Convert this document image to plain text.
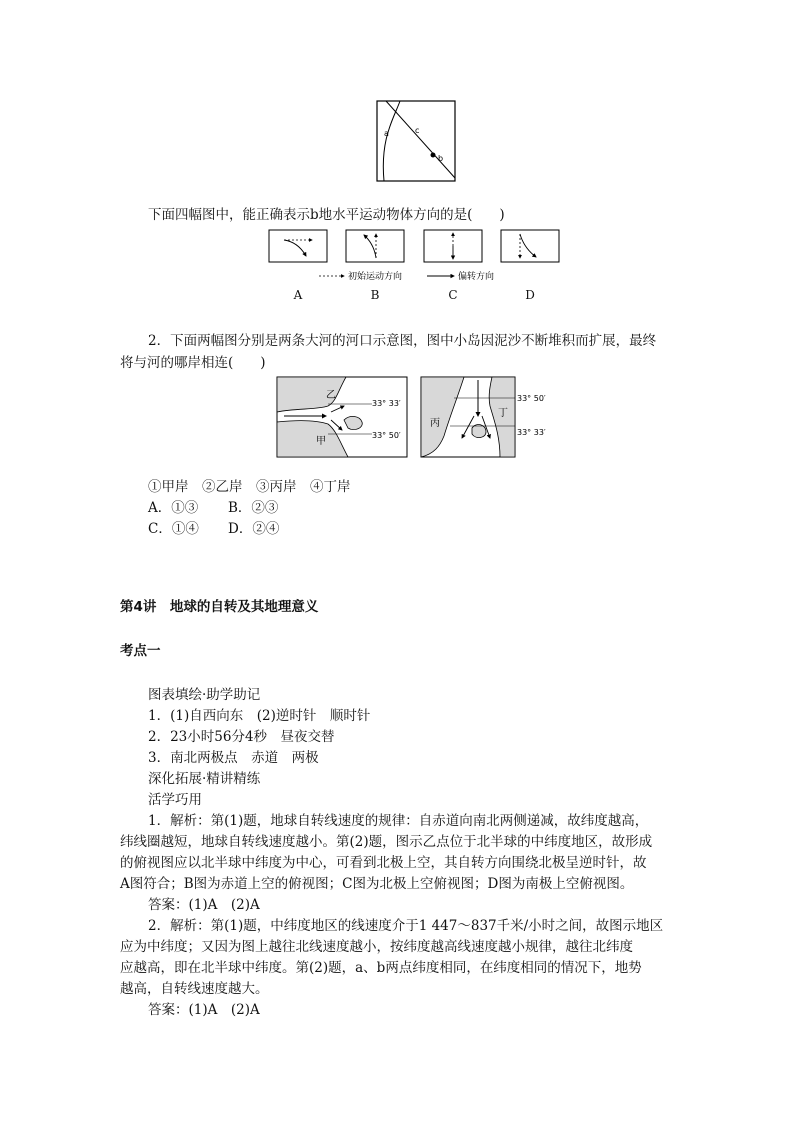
a	c
b
下面四幅图中，能正确表示b地水平运动物体方向的是(　　)
初始运动方向	偏转方向
A	B	C	D
2．下面两幅图分别是两条大河的河口示意图，图中小岛因泥沙不断堆积而扩展，最终
将与河的哪岸相连(　　)
乙
甲
33° 33′
33° 50′
丙
丁
33° 50′
33° 33′
①甲岸　②乙岸　③丙岸　④丁岸
A．①③ B．②③
C．①④ D．②④
第4讲　地球的自转及其地理意义
考点一
图表填绘·助学助记
1．(1)自西向东　(2)逆时针　顺时针
2．23小时56分4秒　昼夜交替
3．南北两极点　赤道　两极
深化拓展·精讲精练
活学巧用
1．解析：第(1)题，地球自转线速度的规律：自赤道向南北两侧递减，故纬度越高，
纬线圈越短，地球自转线速度越小。第(2)题，图示乙点位于北半球的中纬度地区，故形成
的俯视图应以北半球中纬度为中心，可看到北极上空，其自转方向围绕北极呈逆时针，故
A图符合；B图为赤道上空的俯视图；C图为北极上空俯视图；D图为南极上空俯视图。
答案：(1)A　(2)A
2．解析：第(1)题，中纬度地区的线速度介于1 447～837千米/小时之间，故图示地区
应为中纬度；又因为图上越往北线速度越小，按纬度越高线速度越小规律，越往北纬度
应越高，即在北半球中纬度。第(2)题，a、b两点纬度相同，在纬度相同的情况下，地势
越高，自转线速度越大。
答案：(1)A　(2)A
